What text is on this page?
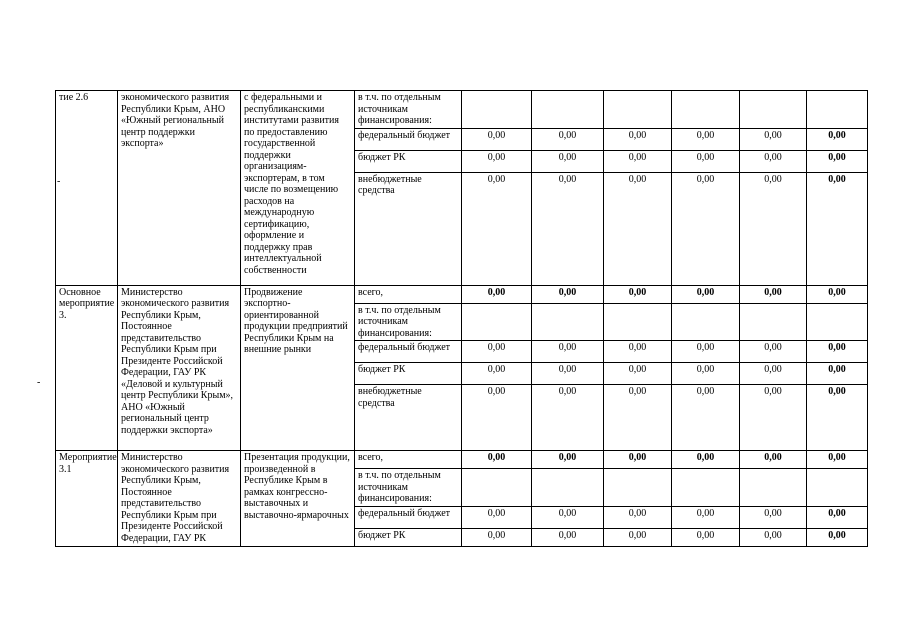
-
-
тие 2.6	экономического развития Республики Крым, АНО «Южный региональный центр поддержки экспорта»	с федеральными и республиканскими институтами развития по предоставлению государственной поддержки организациям-экспортерам, в том числе по возмещению расходов на международную сертификацию, оформление и поддержку прав интеллектуальной собственности	в т.ч. по отдельным источникам финансирования:						
			федеральный бюджет	0,00	0,00	0,00	0,00	0,00	0,00
			бюджет РК	0,00	0,00	0,00	0,00	0,00	0,00
			внебюджетные средства	0,00	0,00	0,00	0,00	0,00	0,00
Основное мероприятие 3.	Министерство экономического развития Республики Крым, Постоянное представительство Республики Крым при Президенте Российской Федерации, ГАУ РК «Деловой и культурный центр Республики Крым», АНО «Южный региональный центр поддержки экспорта»	Продвижение экспортно-ориентированной продукции предприятий Республики Крым на внешние рынки	всего,	0,00	0,00	0,00	0,00	0,00	0,00
			в т.ч. по отдельным источникам финансирования:						
			федеральный бюджет	0,00	0,00	0,00	0,00	0,00	0,00
			бюджет РК	0,00	0,00	0,00	0,00	0,00	0,00
			внебюджетные средства	0,00	0,00	0,00	0,00	0,00	0,00
Мероприятие 3.1	Министерство экономического развития Республики Крым, Постоянное представительство Республики Крым при Президенте Российской Федерации, ГАУ РК	Презентация продукции, произведенной в Республике Крым в рамках конгрессно-выставочных и выставочно-ярмарочных	всего,	0,00	0,00	0,00	0,00	0,00	0,00
			в т.ч. по отдельным источникам финансирования:						
			федеральный бюджет	0,00	0,00	0,00	0,00	0,00	0,00
			бюджет РК	0,00	0,00	0,00	0,00	0,00	0,00
